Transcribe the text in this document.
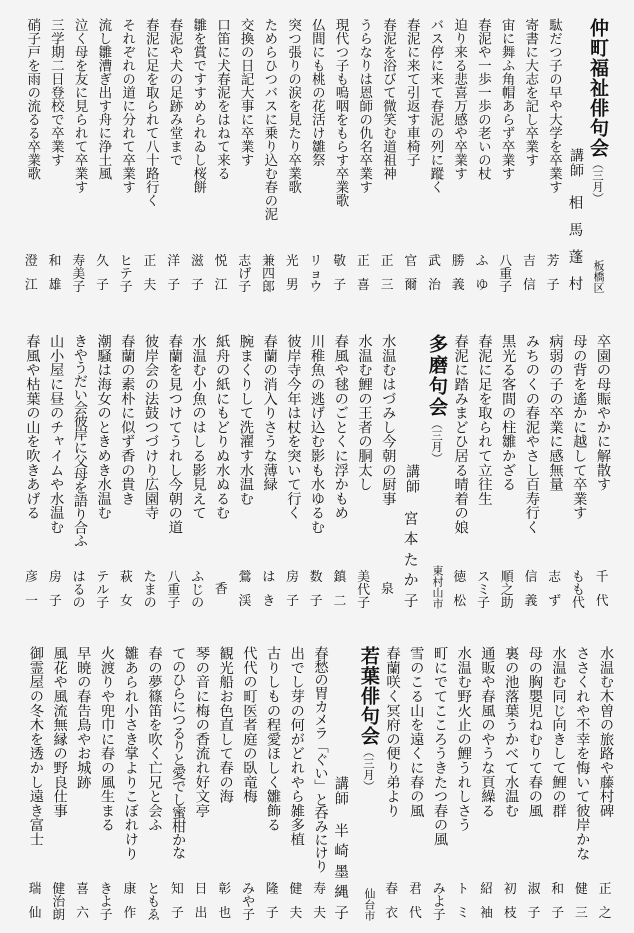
仲町福祉俳句会（三月）
板橋区
講師
相
馬
蓬
村
駄だつ子の早や大学を卒業す
芳
子
寄書に大志を記し卒業す
吉
信
宙に舞ふ角帽あらず卒業す
八
重
子
春泥や一歩一歩の老いの杖
ふ
ゆ
迫り来る悲喜万感や卒業す
勝
義
バス停に来て春泥の列に蹤く
武
治
春泥に来て引返す車椅子
官
爾
春泥を浴びて微笑む道祖神
正
三
うらなりは恩師の仇名卒業す
正
喜
現代つ子も嗚咽をもらす卒業歌
敬
子
仏間にも桃の花活け雛祭
リ
ョ
ウ
突つ張りの涙を見たり卒業歌
光
男
ためらひつバスに乗り込む春の泥
兼
四
郎
交換の日記大事に卒業す
志
げ
子
口笛に犬春泥をはねて来る
悦
江
雛を賞ですすめられゐし桜餅
滋
子
春泥や犬の足跡み堂まで
洋
子
春泥に足を取られて八十路行く
正
夫
それぞれの道に分れて卒業す
ヒ
テ
子
流し雛漕ぎ出す舟に浄土風
久
子
泣く母を友に見られて卒業す
寿
美
子
三学期二日登校で卒業す
和
雄
硝子戸を雨の流るる卒業歌
澄
江
卒園の母賑やかに解散す
千
代
母の背を遙かに越して卒業す
も
も
代
病弱の子の卒業に感無量
志
ず
みちのくの春泥やさし百寿行く
信
義
黒光る客間の柱雛かざる
順
之
助
春泥に足を取られて立往生
ス
ミ
子
春泥に踏みまどひ居る晴着の娘
徳
松
多磨句会（三月）
東村山市
講師
宮
本
た
か
子
水温むはづみし今朝の厨事
泉
水温む鯉の王者の胴太し
美
代
子
春風や毬のごとくに浮かもめ
鎮
二
川稚魚の逃げ込む影も水ゆるむ
数
子
彼岸寺今年は杖を突いて行く
房
子
春蘭の消入りさうな薄緑
は
き
腕まくりして洗濯す水温む
鶯
渓
紙舟の紙にもどりぬ水ぬるむ
香
水温む小魚のはしる影見えて
ふ
じ
の
春蘭を見つけてうれし今朝の道
八
重
子
彼岸会の法鼓つづけり広園寺
た
ま
の
春蘭の素朴に似ず香の貴き
萩
女
潮騒は海女のときめき水温む
テ
ル
子
きやうだい会彼岸に父母を語り合ふ
は
る
の
山小屋に昼のチャイムや水温む
房
子
春風や枯葉の山を吹きあげる
彦
一
水温む木曽の旅路や藤村碑
正
之
ささくれや不幸を悔いて彼岸かな
健
三
水温む同じ向きして鯉の群
和
子
母の胸嬰児ねむりて春の風
淑
子
裏の池落葉うかべて水温む
初
枝
通販や春風のやうな頁繰る
紹
袖
水温む野火止の鯉うれしさう
ト
ミ
町にでてこころうきたつ春の風
み
よ
子
雪のこる山を遠くに春の風
君
代
春蘭咲く冥府の便り弟より
春
衣
若葉俳句会（三月）
仙台市
講師
半
崎
墨
縄
子
春愁の胃カメラ「ぐい」と呑みにけり
寿
夫
出でし芽の何がどれやら雑多植
健
夫
古りしもの程愛ほしく雛飾る
隆
子
代代の町医者庭の臥竜梅
み
や
子
観光船お色直して春の海
彰
也
琴の音に梅の香流れ好文亭
日
出
てのひらにつるりと愛でし蜜柑かな
知
子
春の夢篠笛を吹く亡兄と会ふ
と
も
ゑ
雛あられ小さき掌よりこぼれけり
康
作
火渡りや兜巾に春の風生まる
き
よ
子
早暁の春告鳥やお城跡
喜
六
風花や風流無縁の野良仕事
健
治
朗
御霊屋の冬木を透かし遠き富士
瑞
仙
